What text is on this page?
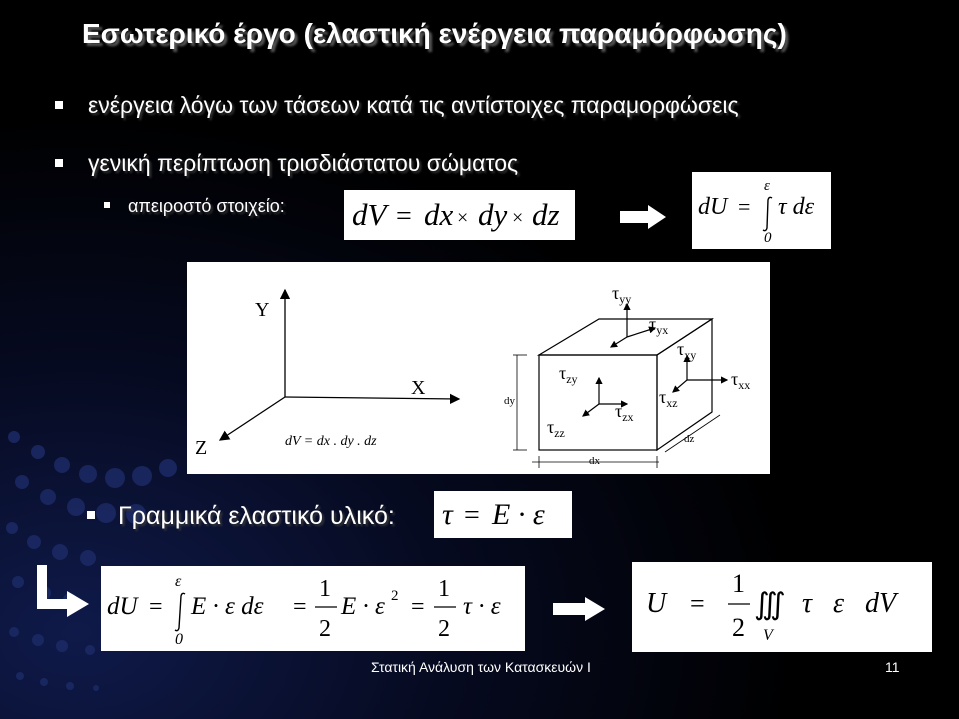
Εσωτερικό έργο (ελαστική ενέργεια παραμόρφωσης)
ενέργεια λόγω των τάσεων κατά τις αντίστοιχες παραμορφώσεις
γενική περίπτωση τρισδιάστατου σώματος
απειροστό στοιχείο: dV = dx × dy × dz	dU =
ε
0
τ dε
Y
X
Z	dV = dx . dy . dz
dy
dx
dz
$\tau_{yy}$
$\tau_{yx}$
$\tau_{xy}$
$\tau_{xx}$
$\tau_{xz}$
$\tau_{zy}$
$\tau_{zx}$
$\tau_{zz}$
Γραμμικά ελαστικό υλικό: τ = E · ε
dU =
ε
0
E · ε dε =
1
2
E · ε 2 =
1
2
τ · ε	U =
1
2
∭
V
τ   ε   dV
Στατική Ανάλυση των Κατασκευών I	11
